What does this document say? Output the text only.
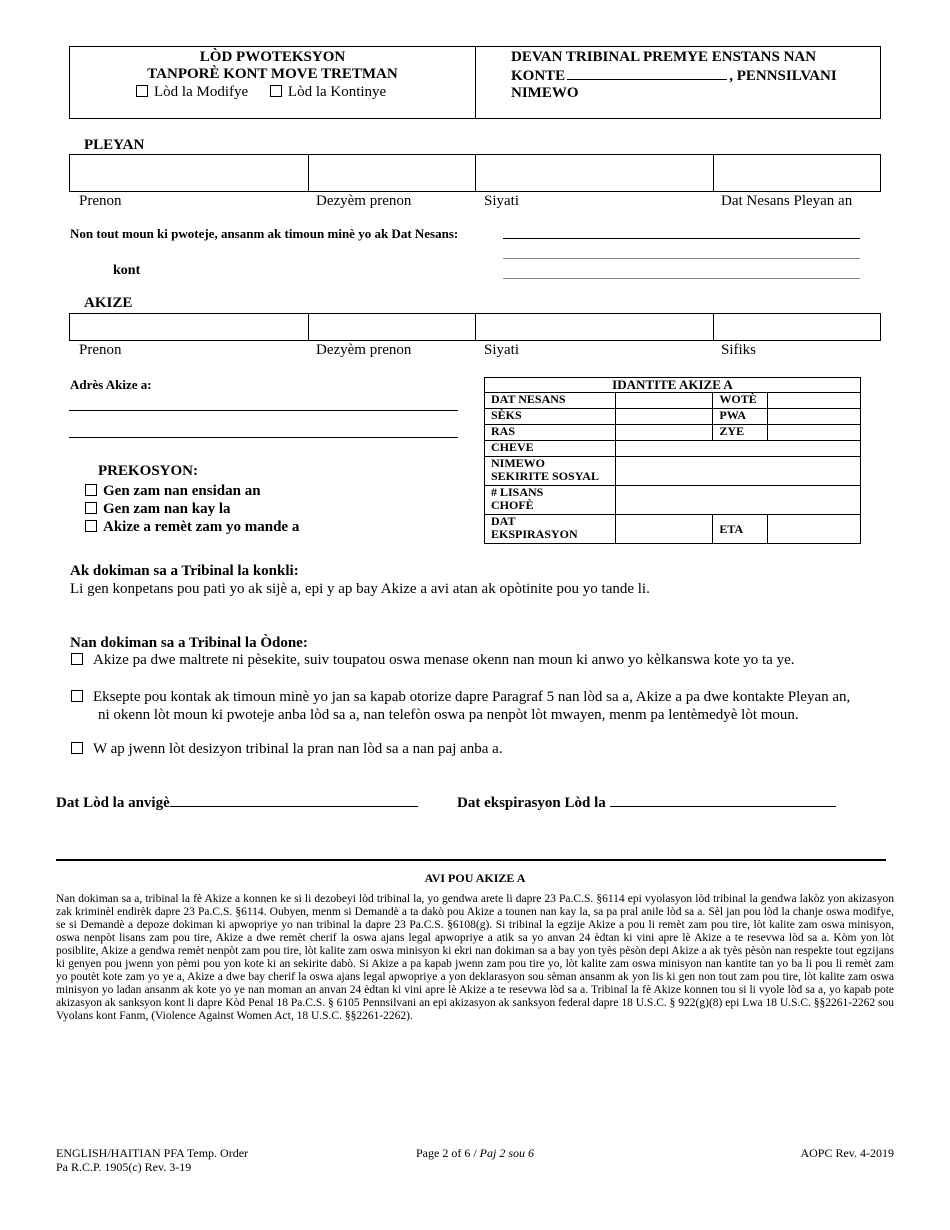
LÒD PWOTEKSYON
TANPORÈ KONT MOVE TRETMAN
Lòd la Modifye	Lòd la Kontinye
DEVAN TRIBINAL PREMYE ENSTANS NAN
KONTE	, PENNSILVANI
NIMEWO
PLEYAN
Prenon	Dezyèm prenon	Siyati	Dat Nesans Pleyan an
Non tout moun ki pwoteje, ansanm ak timoun minè yo ak Dat Nesans:
kont
AKIZE
Prenon	Dezyèm prenon	Siyati	Sifiks
Adrès Akize a:
PREKOSYON:
Gen zam nan ensidan an
Gen zam nan kay la
Akize a remèt zam yo mande a
IDANTITE AKIZE A			
DAT NESANS		WOTÈ	
SÈKS		PWA	
RAS		ZYE	
CHEVE			

NIMEWO
SEKIRITE SOSYAL			

# LISANS
CHOFÈ			

DAT
EKSPIRASYON		ETA	
Ak dokiman sa a Tribinal la konkli:
Li gen konpetans pou pati yo ak sijè a, epi y ap bay Akize a avi atan ak opòtinite pou yo tande li.
Nan dokiman sa a Tribinal la Òdone:
Akize pa dwe maltrete ni pèsekite, suiv toupatou oswa menase okenn nan moun ki anwo yo kèlkanswa kote yo ta ye.
Eksepte pou kontak ak timoun minè yo jan sa kapab otorize dapre Paragraf 5 nan lòd sa a, Akize a pa dwe kontakte Pleyan an,
ni okenn lòt moun ki pwoteje anba lòd sa a, nan telefòn oswa pa nenpòt lòt mwayen, menm pa lentèmedyè lòt moun.
W ap jwenn lòt desizyon tribinal la pran nan lòd sa a nan paj anba a.
Dat Lòd la anvigè	Dat ekspirasyon Lòd la
AVI POU AKIZE A
Nan dokiman sa a, tribinal la fè Akize a konnen ke si li dezobeyi lòd tribinal la, yo gendwa arete li dapre 23 Pa.C.S. §6114 epi vyolasyon lòd tribinal la gendwa lakòz yon akizasyon zak kriminèl endirèk dapre 23 Pa.C.S. §6114. Oubyen, menm si Demandè a ta dakò pou Akize a tounen nan kay la, sa pa pral anile lòd sa a. Sèl jan pou lòd la chanje oswa modifye, se si Demandè a depoze dokiman ki apwopriye yo nan tribinal la dapre 23 Pa.C.S. §6108(g). Si tribinal la egzije Akize a pou li remèt zam pou tire, lòt kalite zam oswa minisyon, oswa nenpòt lisans zam pou tire, Akize a dwe remèt cherif la oswa ajans legal apwopriye a atik sa yo anvan 24 èdtan ki vini apre lè Akize a te resevwa lòd sa a. Kòm yon lòt posiblite, Akize a gendwa remèt nenpòt zam pou tire, lòt kalite zam oswa minisyon ki ekri nan dokiman sa a bay yon tyès pèsòn depi Akize a ak tyès pèsòn nan respekte tout egzijans ki genyen pou jwenn yon pèmi pou yon kote ki an sekirite dabò. Si Akize a pa kapab jwenn zam pou tire yo, lòt kalite zam oswa minisyon nan kantite tan yo ba li pou li remèt zam yo poutèt kote zam yo ye a, Akize a dwe bay cherif la oswa ajans legal apwopriye a yon deklarasyon sou sèman ansanm ak yon lis ki gen non tout zam pou tire, lòt kalite zam oswa minisyon yo ladan ansanm ak kote yo ye nan moman an anvan 24 èdtan ki vini apre lè Akize a te resevwa lòd sa a. Tribinal la fè Akize konnen tou si li vyole lòd sa a, yo kapab pote akizasyon ak sanksyon kont li dapre Kòd Penal 18 Pa.C.S. § 6105 Pennsilvani an epi akizasyon ak sanksyon federal dapre 18 U.S.C. § 922(g)(8) epi Lwa 18 U.S.C. §§2261-2262 sou Vyolans kont Fanm, (Violence Against Women Act, 18 U.S.C. §§2261-2262).
ENGLISH/HAITIAN PFA Temp. Order
Pa R.C.P. 1905(c) Rev. 3-19
Page 2 of 6 / Paj 2 sou 6	AOPC Rev. 4-2019
